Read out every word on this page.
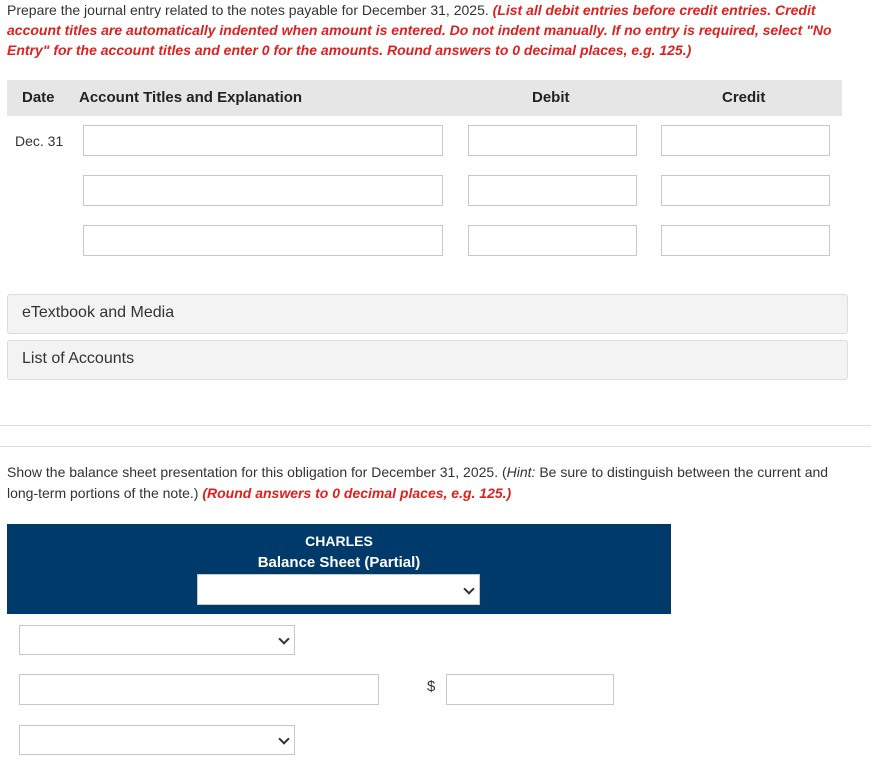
Prepare the journal entry related to the notes payable for December 31, 2025. (List all debit entries before credit entries. Credit account titles are automatically indented when amount is entered. Do not indent manually. If no entry is required, select "No Entry" for the account titles and enter 0 for the amounts. Round answers to 0 decimal places, e.g. 125.)
Date Account Titles and Explanation	Debit	Credit
Dec. 31
eTextbook and Media
List of Accounts
Show the balance sheet presentation for this obligation for December 31, 2025. (Hint: Be sure to distinguish between the current and long-term portions of the note.) (Round answers to 0 decimal places, e.g. 125.)
CHARLES
Balance Sheet (Partial)
$
